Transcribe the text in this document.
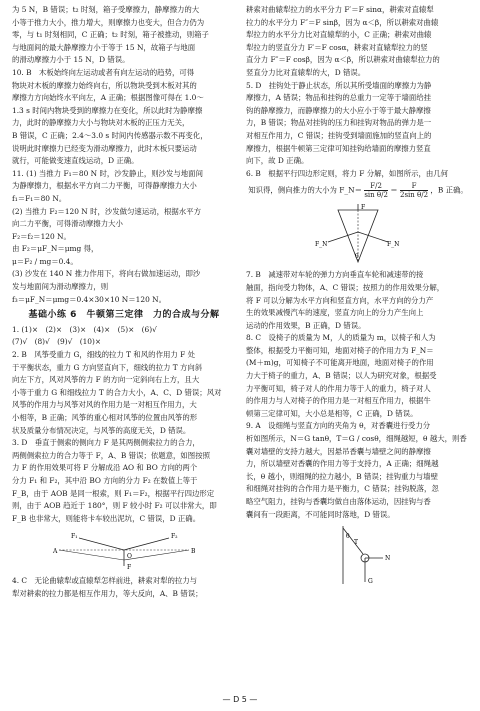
为 5 N，B 错误；t₂ 时刻，箱子受摩擦力，静摩擦力的大

小等于推力大小，推力增大，则摩擦力也变大，但合力仍为

零，与 t₁ 时刻相同，C 正确；t₂ 时刻，箱子被推动，则箱子

与地面间的最大静摩擦力小于等于 15 N，故箱子与地面

的滑动摩擦力小于 15 N，D 错误。

10. B　木板始终向左运动或者有向左运动的趋势，可得

物块对木板的摩擦力始终向右，所以物块受到木板对其的

摩擦力方向始终水平向左，A 正确；根据图像可得在 1.0～

1.3 s 时间内物块受到的摩擦力在变化，所以此时为静摩擦

力，此时的静摩擦力大小与物块对木板的正压力无关，

B 错误，C 正确；2.4～3.0 s 时间内传感器示数不再变化，

说明此时摩擦力已经变为滑动摩擦力，此时木板只要运动

就行，可能做变速直线运动，D 正确。

11. (1) 当推力 F₁＝80 N 时，沙发静止，则沙发与地面间

为静摩擦力，根据水平方向二力平衡，可得静摩擦力大小

f₁＝F₁＝80 N。

(2) 当推力 F₂＝120 N 时，沙发做匀速运动，根据水平方

向二力平衡，可得滑动摩擦力大小

F₂＝f₂＝120 N。

由 F₂＝μF_N＝μmg 得，

μ＝F₂ / mg＝0.4。

(3) 沙发在 140 N 推力作用下，将向右做加速运动，即沙

发与地面间为滑动摩擦力，则

f₃＝μF_N＝μmg＝0.4×30×10 N＝120 N。

基础小练 6　牛顿第三定律　力的合成与分解

1. (1)×　(2)×　(3)×　(4)×　(5)×　(6)√

(7)√　(8)√　(9)√　(10)×

2. B　风筝受重力 G，细线的拉力 T 和风的作用力 F 处

于平衡状态，重力 G 方向竖直向下，细线的拉力 T 方向斜

向左下方，风对风筝的力 F 的方向一定斜向右上方，且大

小等于重力 G 和细线拉力 T 的合力大小，A、C、D 错误；风对

风筝的作用力与风筝对风的作用力是一对相互作用力，大

小相等，B 正确；风筝的重心相对风筝的位置由风筝的形

状及质量分布情况决定，与风筝的高度无关，D 错误。

3. D　垂直于侧索的侧向力 F 是其两侧侧索拉力的合力，

两侧侧索拉力的合力等于 F，A、B 错误；依题意，如图按照

力 F 的作用效果可将 F 分解成沿 AO 和 BO 方向的两个

分力 F₁ 和 F₂，其中沿 BO 方向的分力 F₂ 在数值上等于

F_B，由于 AOB 是同一根索，则 F₁＝F₂，根据平行四边形定

则，由于 AOB 趋近于 180°，则 F 较小时 F₂ 可以非常大，即

F_B 也非常大，则能将卡车较出泥坑，C 错误，D 正确。

F₁	F₂
A	B
O
F

4. C　无论曲辕犁或直辕犁怎样前进，耕索对犁的拉力与

犁对耕索的拉力都是相互作用力，等大反向，A、B 错误；

耕索对曲辕犁拉力的水平分力 F′＝F sinα，耕索对直辕犁

拉力的水平分力 F″＝F sinβ，因为 α＜β，所以耕索对曲辕

犁拉力的水平分力比对直辕犁的小，C 正确；耕索对曲辕

犁拉力的竖直分力 F′＝F cosα，耕索对直辕犁拉力的竖

直分力 F″＝F cosβ，因为 α＜β，所以耕索对曲辕犁拉力的

竖直分力比对直辕犁的大，D 错误。

5. D　挂钩处于静止状态，所以其所受墙面的摩擦力为静

摩擦力，A 错误；物品和挂钩的总重力一定等于墙面给挂

钩的静摩擦力，而静摩擦力的大小应小于等于最大静摩擦

力，B 错误；物品对挂钩的压力和挂钩对物品的弹力是一

对相互作用力，C 错误；挂钩受到墙面施加的竖直向上的

摩擦力，根据牛顿第三定律可知挂钩给墙面的摩擦力竖直

向下，故 D 正确。

6. B　根据平行四边形定则，将力 F 分解，如图所示，由几何

知识得，侧向推力的大小为 F_N＝ $\frac{F/2}{\text{sin θ/2}} = \frac{F}{\text{2sin θ/2}}$ ，B 正确。
F
F_N	F_N
θ

7. B　减速带对车轮的弹力方向垂直车轮和减速带的接

触面，指向受力物体，A、C 错误；按照力的作用效果分解，

将 F 可以分解为水平方向和竖直方向，水平方向的分力产

生的效果减慢汽车的速度，竖直方向上的分力产生向上

运动的作用效果，B 正确，D 错误。

8. C　设椅子的质量为 M，人的质量为 m，以椅子和人为

整体，根据受力平衡可知，地面对椅子的作用力为 F_N＝

(M＋m)g，可知椅子不可能离开地面，地面对椅子的作用

力大于椅子的重力，A、B 错误；以人为研究对象，根据受

力平衡可知，椅子对人的作用力等于人的重力，椅子对人

的作用力与人对椅子的作用力是一对相互作用力，根据牛

顿第三定律可知，大小总是相等，C 正确，D 错误。

9. A　设细绳与竖直方向的夹角为 θ，对香囊进行受力分

析如图所示，N＝G tanθ，T＝G / cosθ，细绳越短，θ 越大，则香

囊对墙壁的支持力越大，因悬吊香囊与墙壁之间的静摩擦

力，所以墙壁对香囊的作用力等于支持力，A 正确；细绳越

长，θ 越小，则细绳的拉力越小，B 错误；挂钩重力与墙壁

和细绳对挂钩的合作用力是平衡力，C 错误；挂钩脱落，忽

略空气阻力，挂钩与香囊均做自由落体运动，因挂钩与香

囊间有一段距离，不可能同时落地，D 错误。

θ
T
N
G
— D 5 —
